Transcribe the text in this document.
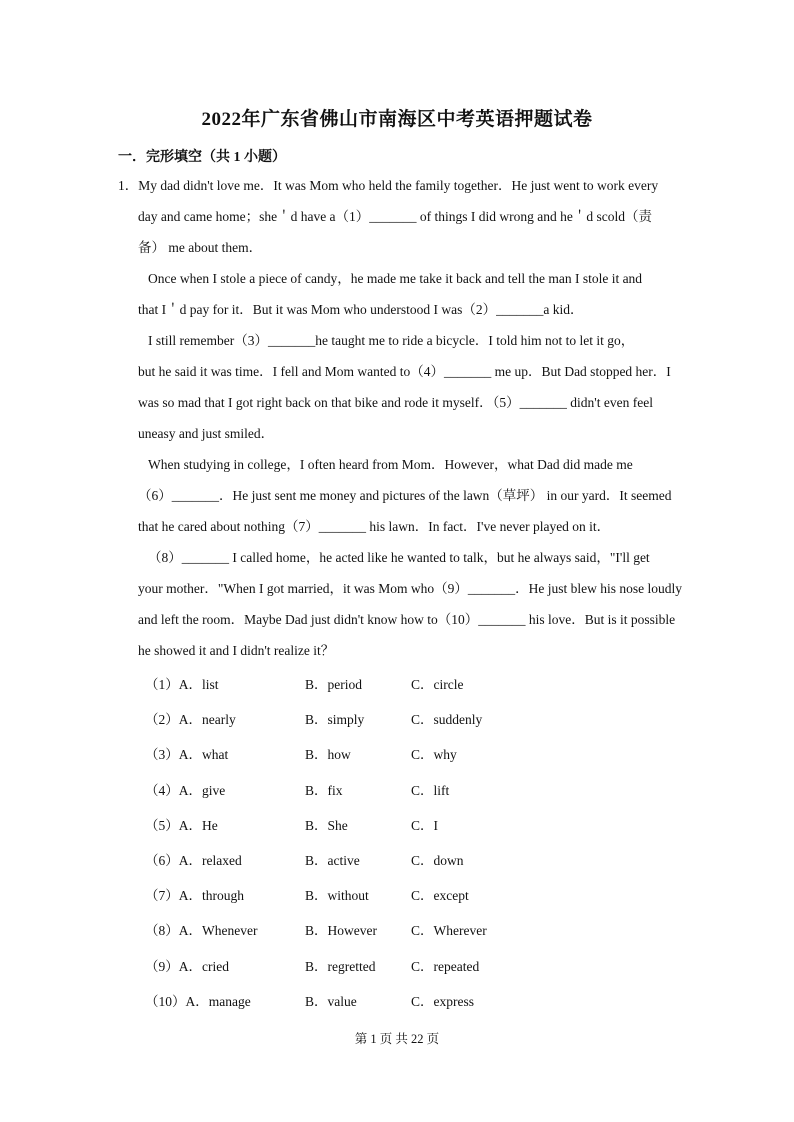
2022年广东省佛山市南海区中考英语押题试卷
一．完形填空（共 1 小题）
1．My dad didn't love me．It was Mom who held the family together．He just went to work every
day and came home；she＇d have a（1）_______ of things I did wrong and he＇d scold（责
备） me about them．
Once when I stole a piece of candy，he made me take it back and tell the man I stole it and
that I＇d pay for it．But it was Mom who understood I was（2）_______a kid．
I still remember（3）_______he taught me to ride a bicycle．I told him not to let it go，
but he said it was time．I fell and Mom wanted to（4）_______ me up．But Dad stopped her．I
was so mad that I got right back on that bike and rode it myself．（5）_______ didn't even feel
uneasy and just smiled．
When studying in college，I often heard from Mom．However，what Dad did made me
（6）_______．He just sent me money and pictures of the lawn（草坪） in our yard．It seemed
that he cared about nothing（7）_______ his lawn．In fact．I've never played on it．
（8）_______ I called home，he acted like he wanted to talk，but he always said，"I'll get
your mother．"When I got married，it was Mom who（9）_______．He just blew his nose loudly
and left the room．Maybe Dad just didn't know how to（10）_______ his love．But is it possible
he showed it and I didn't realize it？
（1）A．list	B．period	C．circle
（2）A．nearly	B．simply	C．suddenly
（3）A．what	B．how	C．why
（4）A．give	B．fix	C．lift
（5）A．He	B．She	C．I
（6）A．relaxed	B．active	C．down
（7）A．through	B．without	C．except
（8）A．Whenever	B．However	C．Wherever
（9）A．cried	B．regretted	C．repeated
（10）A．manage	B．value	C．express
第 1 页 共 22 页
